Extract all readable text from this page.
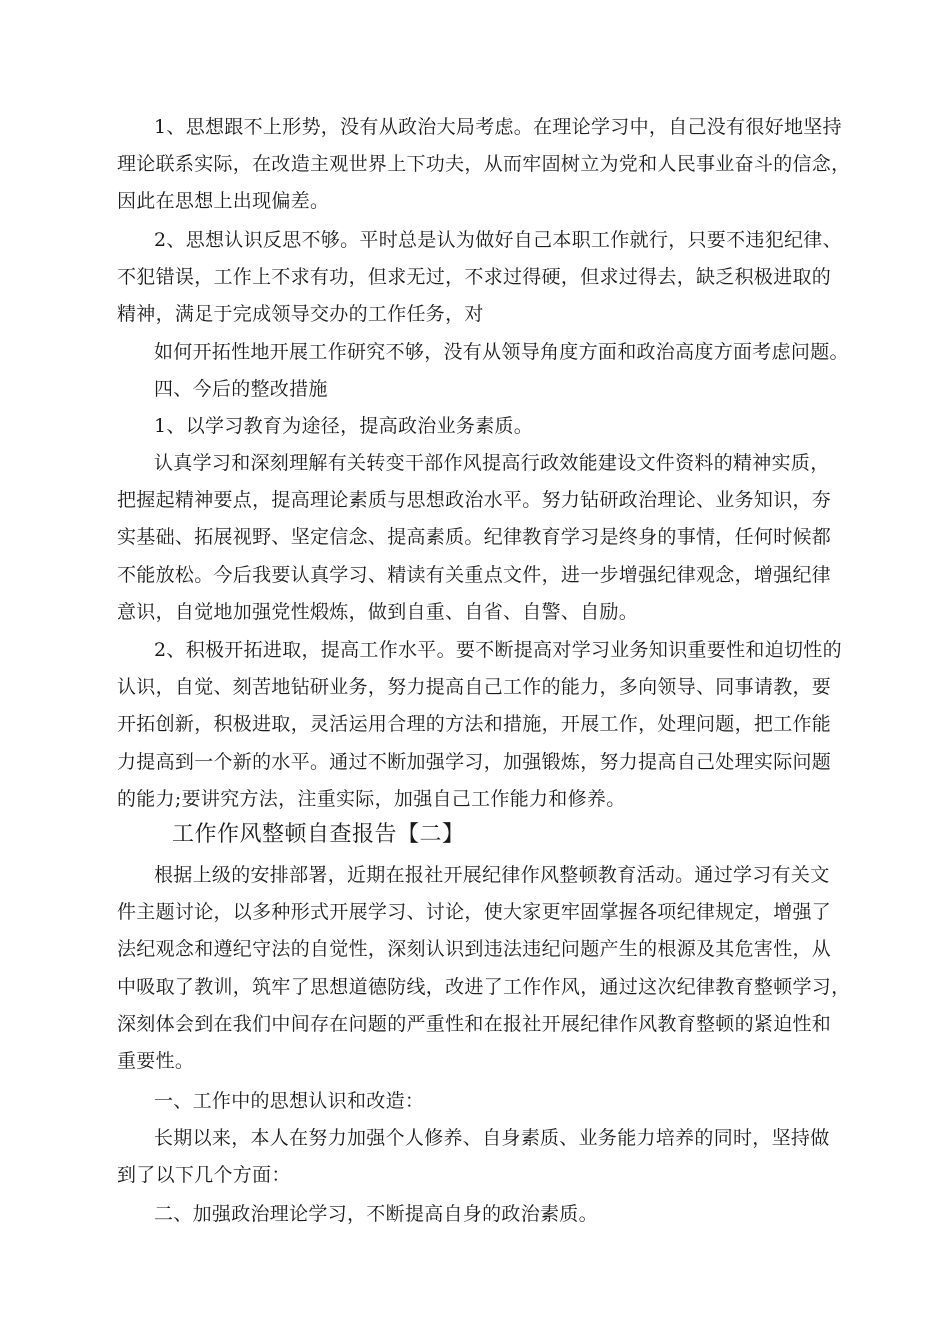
1、思想跟不上形势，没有从政治大局考虑。在理论学习中，自己没有很好地坚持
理论联系实际，在改造主观世界上下功夫，从而牢固树立为党和人民事业奋斗的信念，
因此在思想上出现偏差。
2、思想认识反思不够。平时总是认为做好自己本职工作就行，只要不违犯纪律、
不犯错误，工作上不求有功，但求无过，不求过得硬，但求过得去，缺乏积极进取的
精神，满足于完成领导交办的工作任务，对
如何开拓性地开展工作研究不够，没有从领导角度方面和政治高度方面考虑问题。
四、今后的整改措施
1、以学习教育为途径，提高政治业务素质。
认真学习和深刻理解有关转变干部作风提高行政效能建设文件资料的精神实质，
把握起精神要点，提高理论素质与思想政治水平。努力钻研政治理论、业务知识，夯
实基础、拓展视野、坚定信念、提高素质。纪律教育学习是终身的事情，任何时候都
不能放松。今后我要认真学习、精读有关重点文件，进一步增强纪律观念，增强纪律
意识，自觉地加强党性煅炼，做到自重、自省、自警、自励。
2、积极开拓进取，提高工作水平。要不断提高对学习业务知识重要性和迫切性的
认识，自觉、刻苦地钻研业务，努力提高自己工作的能力，多向领导、同事请教，要
开拓创新，积极进取，灵活运用合理的方法和措施，开展工作，处理问题，把工作能
力提高到一个新的水平。通过不断加强学习，加强锻炼，努力提高自己处理实际问题
的能力;要讲究方法，注重实际，加强自己工作能力和修养。
工作作风整顿自查报告【二】
根据上级的安排部署，近期在报社开展纪律作风整顿教育活动。通过学习有关文
件主题讨论，以多种形式开展学习、讨论，使大家更牢固掌握各项纪律规定，增强了
法纪观念和遵纪守法的自觉性，深刻认识到违法违纪问题产生的根源及其危害性，从
中吸取了教训，筑牢了思想道德防线，改进了工作作风，通过这次纪律教育整顿学习，
深刻体会到在我们中间存在问题的严重性和在报社开展纪律作风教育整顿的紧迫性和
重要性。
一、工作中的思想认识和改造：
长期以来，本人在努力加强个人修养、自身素质、业务能力培养的同时，坚持做
到了以下几个方面：
二、加强政治理论学习，不断提高自身的政治素质。
